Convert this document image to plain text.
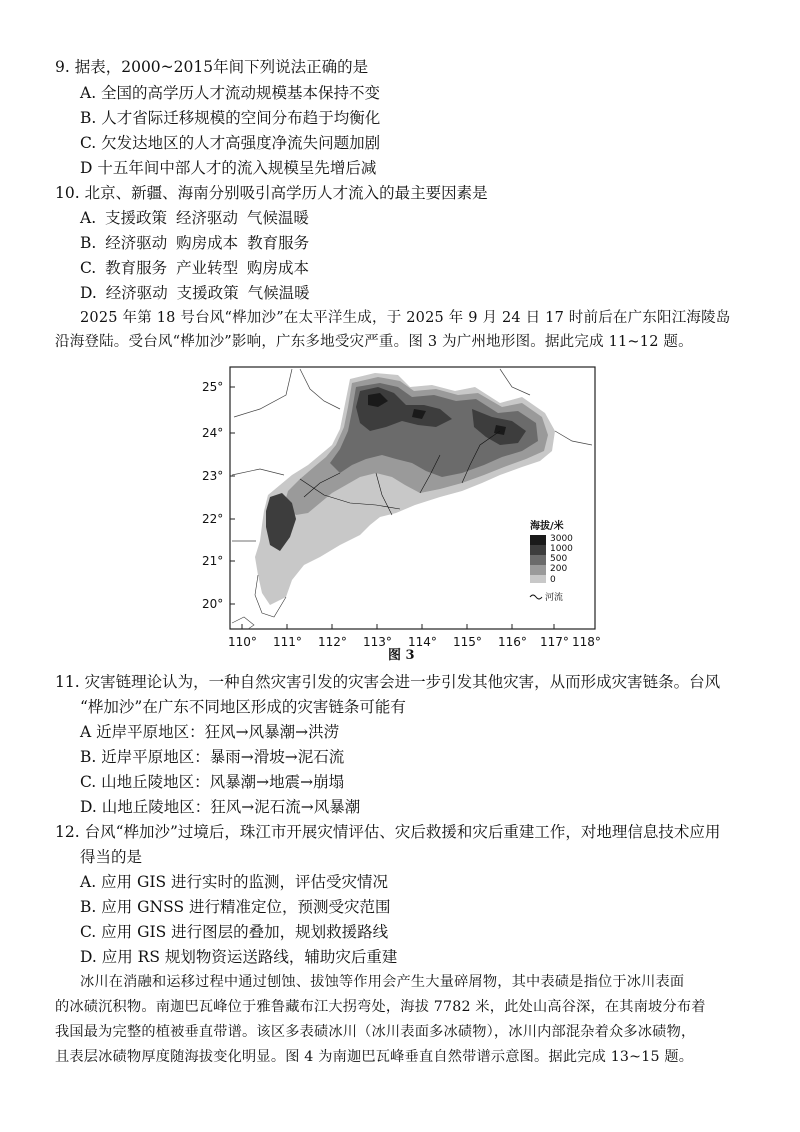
9. 据表，2000~2015年间下列说法正确的是
A. 全国的高学历人才流动规模基本保持不变
B. 人才省际迁移规模的空间分布趋于均衡化
C. 欠发达地区的人才高强度净流失问题加剧
D 十五年间中部人才的流入规模呈先增后减
10. 北京、新疆、海南分别吸引高学历人才流入的最主要因素是
A. 支援政策 经济驱动 气候温暖
B. 经济驱动 购房成本 教育服务
C. 教育服务 产业转型 购房成本
D. 经济驱动 支援政策 气候温暖
2025 年第 18 号台风“桦加沙”在太平洋生成，于 2025 年 9 月 24 日 17 时前后在广东阳江海陵岛
沿海登陆。受台风“桦加沙”影响，广东多地受灾严重。图 3 为广州地形图。据此完成 11~12 题。
25°
24°
23°
22°
21°
20°
110° 111° 112° 113° 114° 115° 116° 117° 118°
海拔/米
3000
1000
500
200
0
河流
图 3
11. 灾害链理论认为，一种自然灾害引发的灾害会进一步引发其他灾害，从而形成灾害链条。台风
“桦加沙”在广东不同地区形成的灾害链条可能有
A 近岸平原地区：狂风→风暴潮→洪涝
B. 近岸平原地区：暴雨→滑坡→泥石流
C. 山地丘陵地区：风暴潮→地震→崩塌
D. 山地丘陵地区：狂风→泥石流→风暴潮
12. 台风“桦加沙”过境后，珠江市开展灾情评估、灾后救援和灾后重建工作，对地理信息技术应用
得当的是
A. 应用 GIS 进行实时的监测，评估受灾情况
B. 应用 GNSS 进行精准定位，预测受灾范围
C. 应用 GIS 进行图层的叠加，规划救援路线
D. 应用 RS 规划物资运送路线，辅助灾后重建
冰川在消融和运移过程中通过刨蚀、拔蚀等作用会产生大量碎屑物，其中表碛是指位于冰川表面
的冰碛沉积物。南迦巴瓦峰位于雅鲁藏布江大拐弯处，海拔 7782 米，此处山高谷深，在其南坡分布着
我国最为完整的植被垂直带谱。该区多表碛冰川（冰川表面多冰碛物），冰川内部混杂着众多冰碛物，
且表层冰碛物厚度随海拔变化明显。图 4 为南迦巴瓦峰垂直自然带谱示意图。据此完成 13~15 题。
